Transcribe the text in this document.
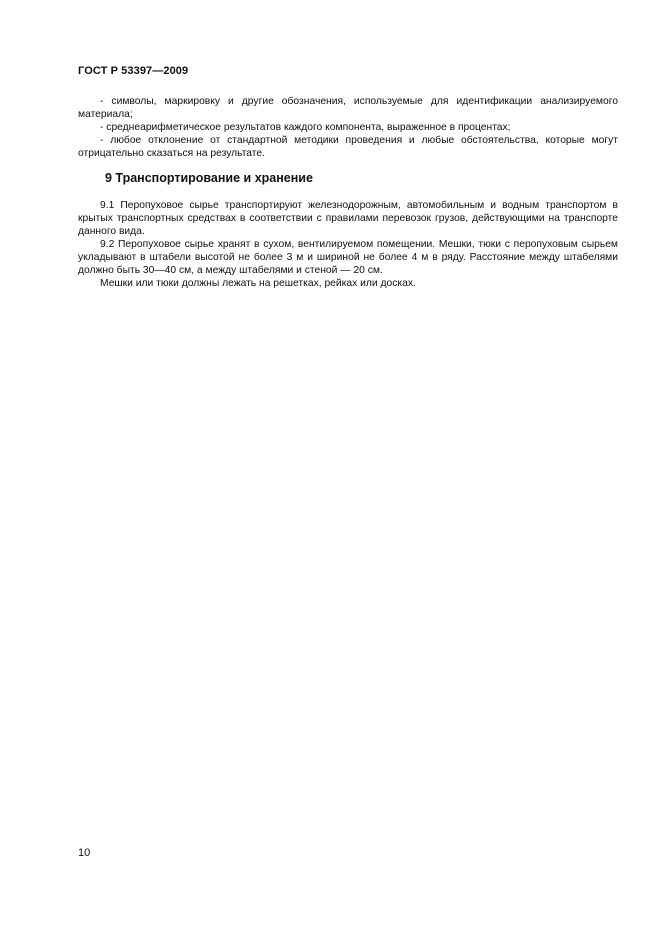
ГОСТ Р 53397—2009

- символы, маркировку и другие обозначения, используемые для идентификации анализируемого материала;

- среднеарифметическое результатов каждого компонента, выраженное в процентах;

- любое отклонение от стандартной методики проведения и любые обстоятельства, которые могут отрицательно сказаться на результате.

9 Транспортирование и хранение

9.1 Перопуховое сырье транспортируют железнодорожным, автомобильным и водным транспортом в крытых транспортных средствах в соответствии с правилами перевозок грузов, действующими на транспорте данного вида.

9.2 Перопуховое сырье хранят в сухом, вентилируемом помещении. Мешки, тюки с перопуховым сырьем укладывают в штабели высотой не более 3 м и шириной не более 4 м в ряду. Расстояние между штабелями должно быть 30—40 см, а между штабелями и стеной — 20 см.

Мешки или тюки должны лежать на решетках, рейках или досках.

10
